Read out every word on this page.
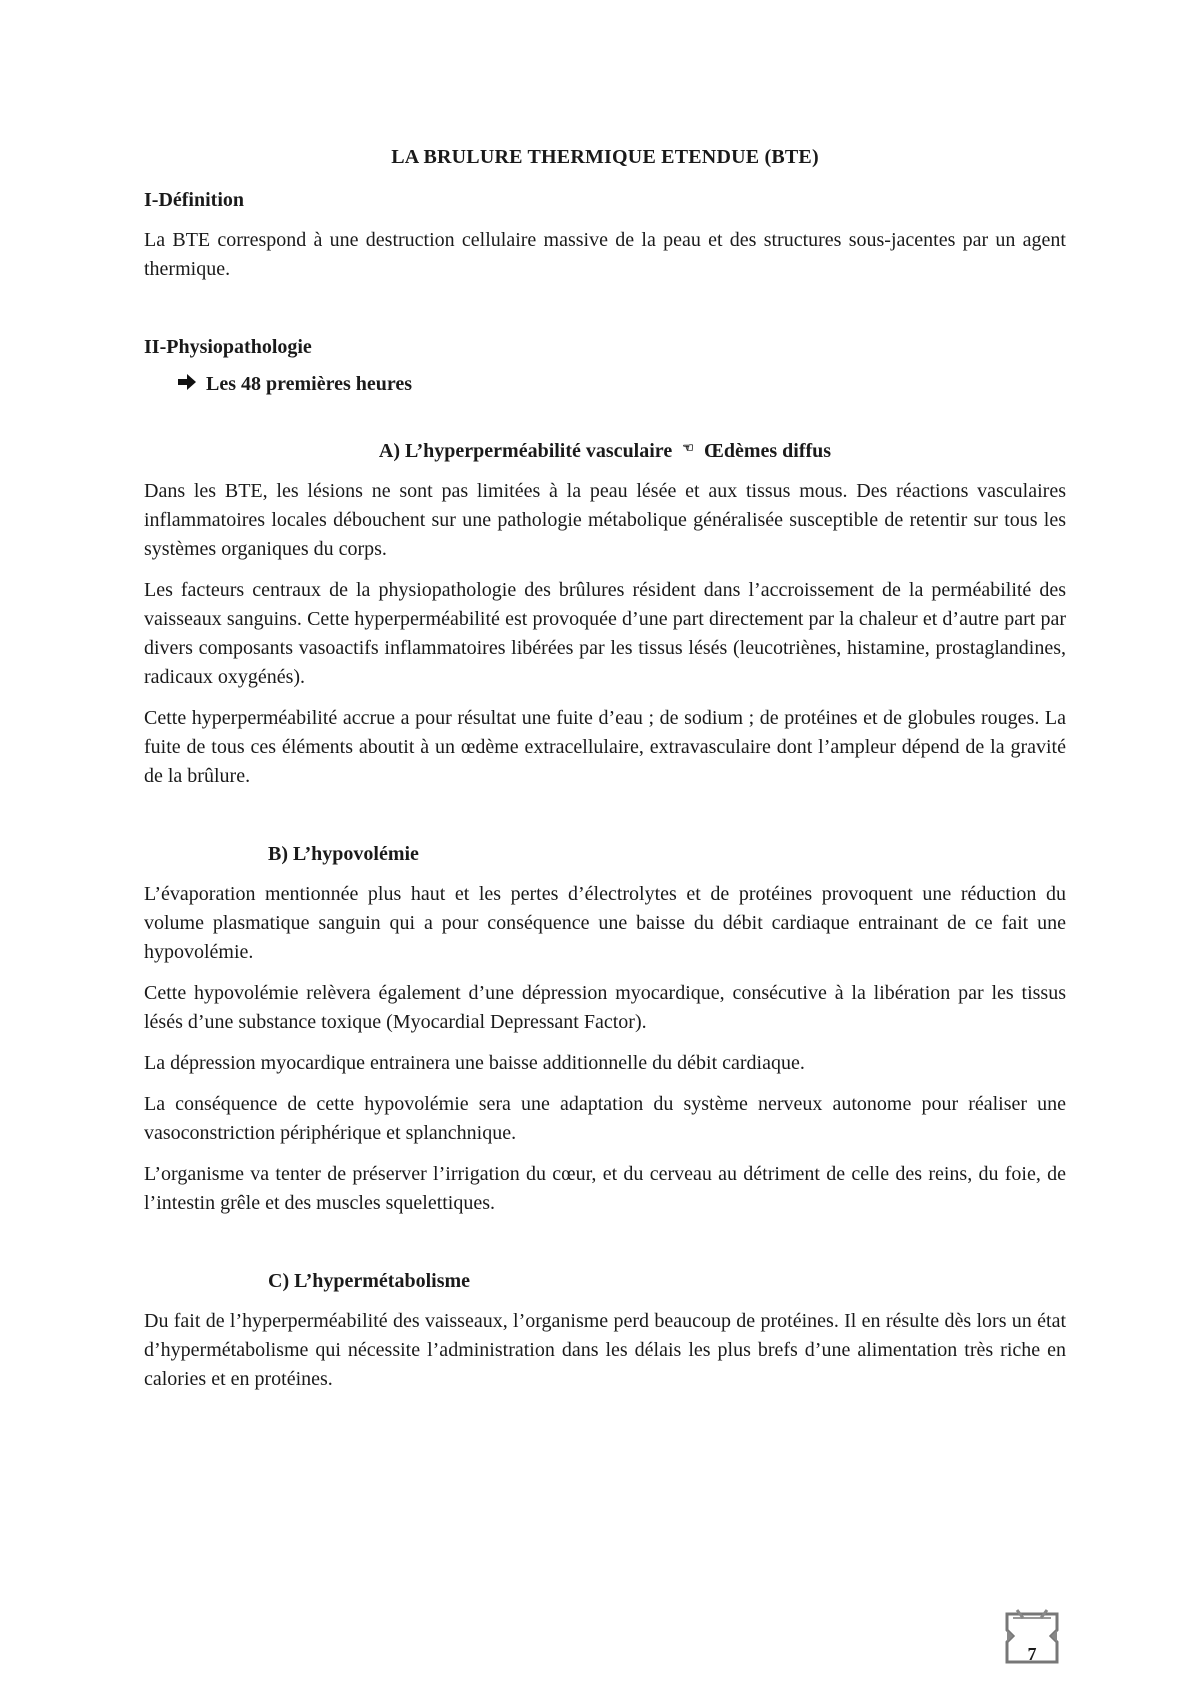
LA BRULURE THERMIQUE ETENDUE (BTE)
I-Définition

La BTE correspond à une destruction cellulaire massive de la peau et des structures sous-jacentes par un agent thermique.

II-Physiopathologie
Les 48 premières heures
A) L’hyperperméabilité vasculaire ☜ Œdèmes diffus

Dans les BTE, les lésions ne sont pas limitées à la peau lésée et aux tissus mous. Des réactions vasculaires inflammatoires locales débouchent sur une pathologie métabolique généralisée susceptible de retentir sur tous les systèmes organiques du corps.

Les facteurs centraux de la physiopathologie des brûlures résident dans l’accroissement de la perméabilité des vaisseaux sanguins. Cette hyperperméabilité est provoquée d’une part directement par la chaleur et d’autre part par divers composants vasoactifs inflammatoires libérées par les tissus lésés (leucotriènes, histamine, prostaglandines, radicaux oxygénés).

Cette hyperperméabilité accrue a pour résultat une fuite d’eau ; de sodium ; de protéines et de globules rouges. La fuite de tous ces éléments aboutit à un œdème extracellulaire, extravasculaire dont l’ampleur dépend de la gravité de la brûlure.

B) L’hypovolémie

L’évaporation mentionnée plus haut et les pertes d’électrolytes et de protéines provoquent une réduction du volume plasmatique sanguin qui a pour conséquence une baisse du débit cardiaque entrainant de ce fait une hypovolémie.

Cette hypovolémie relèvera également d’une dépression myocardique, consécutive à la libération par les tissus lésés d’une substance toxique (Myocardial Depressant Factor).

La dépression myocardique entrainera une baisse additionnelle du débit cardiaque.

La conséquence de cette hypovolémie sera une adaptation du système nerveux autonome pour réaliser une vasoconstriction périphérique et splanchnique.

L’organisme va tenter de préserver l’irrigation du cœur, et du cerveau au détriment de celle des reins, du foie, de l’intestin grêle et des muscles squelettiques.

C) L’hypermétabolisme

Du fait de l’hyperperméabilité des vaisseaux, l’organisme perd beaucoup de protéines. Il en résulte dès lors un état d’hypermétabolisme qui nécessite l’administration dans les délais les plus brefs d’une alimentation très riche en calories et en protéines.

7
